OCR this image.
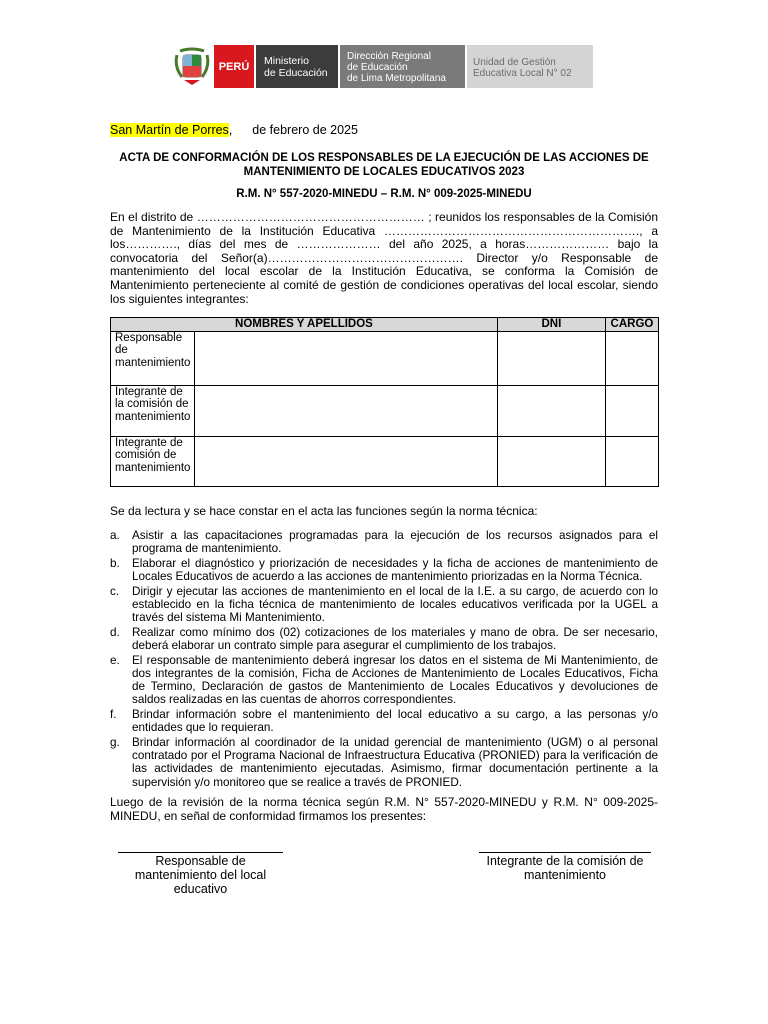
PERÚ	Ministerio
de Educación
Dirección Regional
de Educación
de Lima Metropolitana
Unidad de Gestión
Educativa Local N° 02
San Martín de Porres, de febrero de 2025
ACTA DE CONFORMACIÓN DE LOS RESPONSABLES DE LA EJECUCIÓN DE LAS ACCIONES DE
MANTENIMIENTO DE LOCALES EDUCATIVOS 2023
R.M. N° 557-2020-MINEDU – R.M. N° 009-2025-MINEDU
En el distrito de ………………………………………………… ; reunidos los responsables de la Comisión de Mantenimiento de la Institución Educativa ………………………………………………………., a los…………., días del mes de ………………… del año 2025, a horas………………… bajo la convocatoria del Señor(a)…………………………………………. Director y/o Responsable de mantenimiento del local escolar de la Institución Educativa, se conforma la Comisión de Mantenimiento perteneciente al comité de gestión de condiciones operativas del local escolar, siendo los siguientes integrantes:
NOMBRES Y APELLIDOS		DNI	CARGO
Responsable de mantenimiento			
Integrante de la comisión de mantenimiento			
Integrante de comisión de mantenimiento			
Se da lectura y se hace constar en el acta las funciones según la norma técnica:
a. Asistir a las capacitaciones programadas para la ejecución de los recursos asignados para el programa de mantenimiento.
b. Elaborar el diagnóstico y priorización de necesidades y la ficha de acciones de mantenimiento de Locales Educativos de acuerdo a las acciones de mantenimiento priorizadas en la Norma Técnica.
c. Dirigir y ejecutar las acciones de mantenimiento en el local de la I.E. a su cargo, de acuerdo con lo establecido en la ficha técnica de mantenimiento de locales educativos verificada por la UGEL a través del sistema Mi Mantenimiento.
d. Realizar como mínimo dos (02) cotizaciones de los materiales y mano de obra. De ser necesario, deberá elaborar un contrato simple para asegurar el cumplimiento de los trabajos.
e. El responsable de mantenimiento deberá ingresar los datos en el sistema de Mi Mantenimiento, de dos integrantes de la comisión, Ficha de Acciones de Mantenimiento de Locales Educativos, Ficha de Termino, Declaración de gastos de Mantenimiento de Locales Educativos y devoluciones de saldos realizadas en las cuentas de ahorros correspondientes.
f. Brindar información sobre el mantenimiento del local educativo a su cargo, a las personas y/o entidades que lo requieran.
g. Brindar información al coordinador de la unidad gerencial de mantenimiento (UGM) o al personal contratado por el Programa Nacional de Infraestructura Educativa (PRONIED) para la verificación de las actividades de mantenimiento ejecutadas. Asimismo, firmar documentación pertinente a la supervisión y/o monitoreo que se realice a través de PRONIED.
Luego de la revisión de la norma técnica según R.M. N° 557-2020-MINEDU y R.M. N° 009-2025-MINEDU, en señal de conformidad firmamos los presentes:
Responsable de mantenimiento del local educativo
Integrante de la comisión de mantenimiento
